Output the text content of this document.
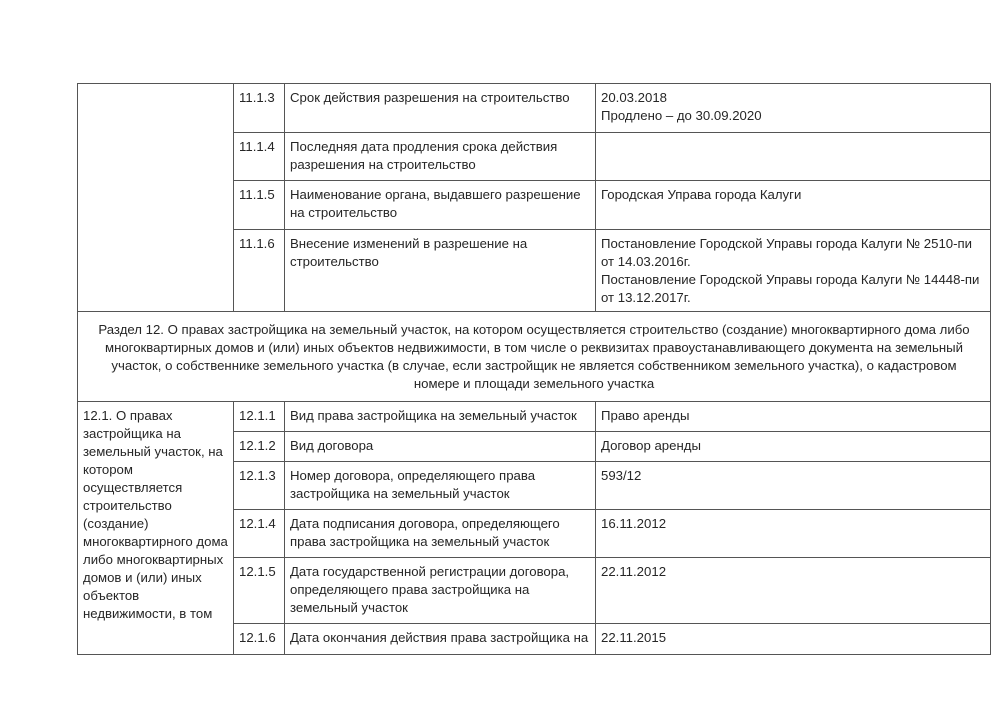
	11.1.3	Срок действия разрешения на строительство	20.03.2018
Продлено – до 30.09.2020

	11.1.4	Последняя дата продления срока действия разрешения на строительство	
	11.1.5	Наименование органа, выдавшего разрешение на строительство	Городская Управа города Калуги

	11.1.6	Внесение изменений в разрешение на строительство	Постановление Городской Управы города Калуги № 2510-пи от 14.03.2016г.
Постановление Городской Управы города Калуги № 14448-пи от 13.12.2017г.

Раздел 12. О правах застройщика на земельный участок, на котором осуществляется строительство (создание) многоквартирного дома либо многоквартирных домов и (или) иных объектов недвижимости, в том числе о реквизитах правоустанавливающего документа на земельный участок, о собственнике земельного участка (в случае, если застройщик не является собственником земельного участка), о кадастровом номере и площади земельного участка			
12.1. О правах застройщика на земельный участок, на котором осуществляется строительство (создание) многоквартирного дома либо многоквартирных домов и (или) иных объектов недвижимости, в том	12.1.1	Вид права застройщика на земельный участок	Право аренды
	12.1.2	Вид договора	Договор аренды
	12.1.3	Номер договора, определяющего права застройщика на земельный участок	593/12
	12.1.4	Дата подписания договора, определяющего права застройщика на земельный участок	16.11.2012
	12.1.5	Дата государственной регистрации договора, определяющего права застройщика на земельный участок	22.11.2012
	12.1.6	Дата окончания действия права застройщика на	22.11.2015
